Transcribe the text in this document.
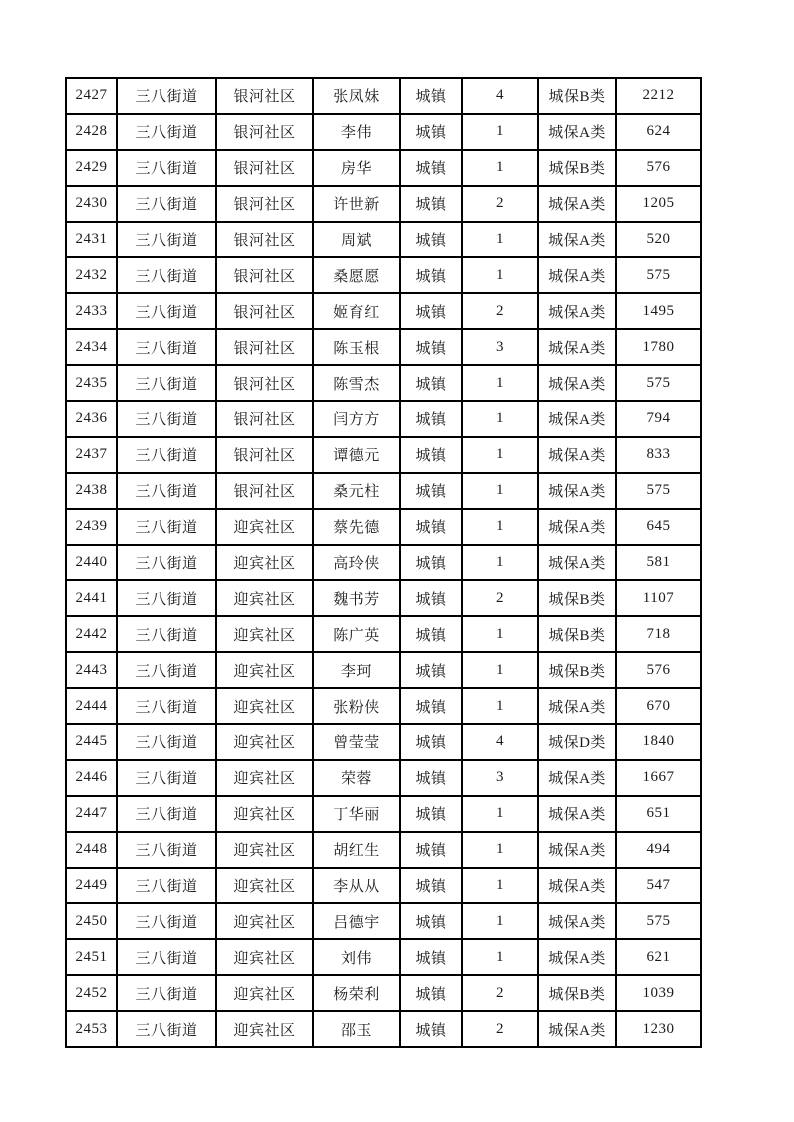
2427	三八街道	银河社区	张凤妹	城镇	4	城保B类	2212
2428	三八街道	银河社区	李伟	城镇	1	城保A类	624
2429	三八街道	银河社区	房华	城镇	1	城保B类	576
2430	三八街道	银河社区	许世新	城镇	2	城保A类	1205
2431	三八街道	银河社区	周斌	城镇	1	城保A类	520
2432	三八街道	银河社区	桑愿愿	城镇	1	城保A类	575
2433	三八街道	银河社区	姬育红	城镇	2	城保A类	1495
2434	三八街道	银河社区	陈玉根	城镇	3	城保A类	1780
2435	三八街道	银河社区	陈雪杰	城镇	1	城保A类	575
2436	三八街道	银河社区	闫方方	城镇	1	城保A类	794
2437	三八街道	银河社区	谭德元	城镇	1	城保A类	833
2438	三八街道	银河社区	桑元柱	城镇	1	城保A类	575
2439	三八街道	迎宾社区	蔡先德	城镇	1	城保A类	645
2440	三八街道	迎宾社区	高玲侠	城镇	1	城保A类	581
2441	三八街道	迎宾社区	魏书芳	城镇	2	城保B类	1107
2442	三八街道	迎宾社区	陈广英	城镇	1	城保B类	718
2443	三八街道	迎宾社区	李珂	城镇	1	城保B类	576
2444	三八街道	迎宾社区	张粉侠	城镇	1	城保A类	670
2445	三八街道	迎宾社区	曾莹莹	城镇	4	城保D类	1840
2446	三八街道	迎宾社区	荣蓉	城镇	3	城保A类	1667
2447	三八街道	迎宾社区	丁华丽	城镇	1	城保A类	651
2448	三八街道	迎宾社区	胡红生	城镇	1	城保A类	494
2449	三八街道	迎宾社区	李从从	城镇	1	城保A类	547
2450	三八街道	迎宾社区	吕德宇	城镇	1	城保A类	575
2451	三八街道	迎宾社区	刘伟	城镇	1	城保A类	621
2452	三八街道	迎宾社区	杨荣利	城镇	2	城保B类	1039
2453	三八街道	迎宾社区	邵玉	城镇	2	城保A类	1230
